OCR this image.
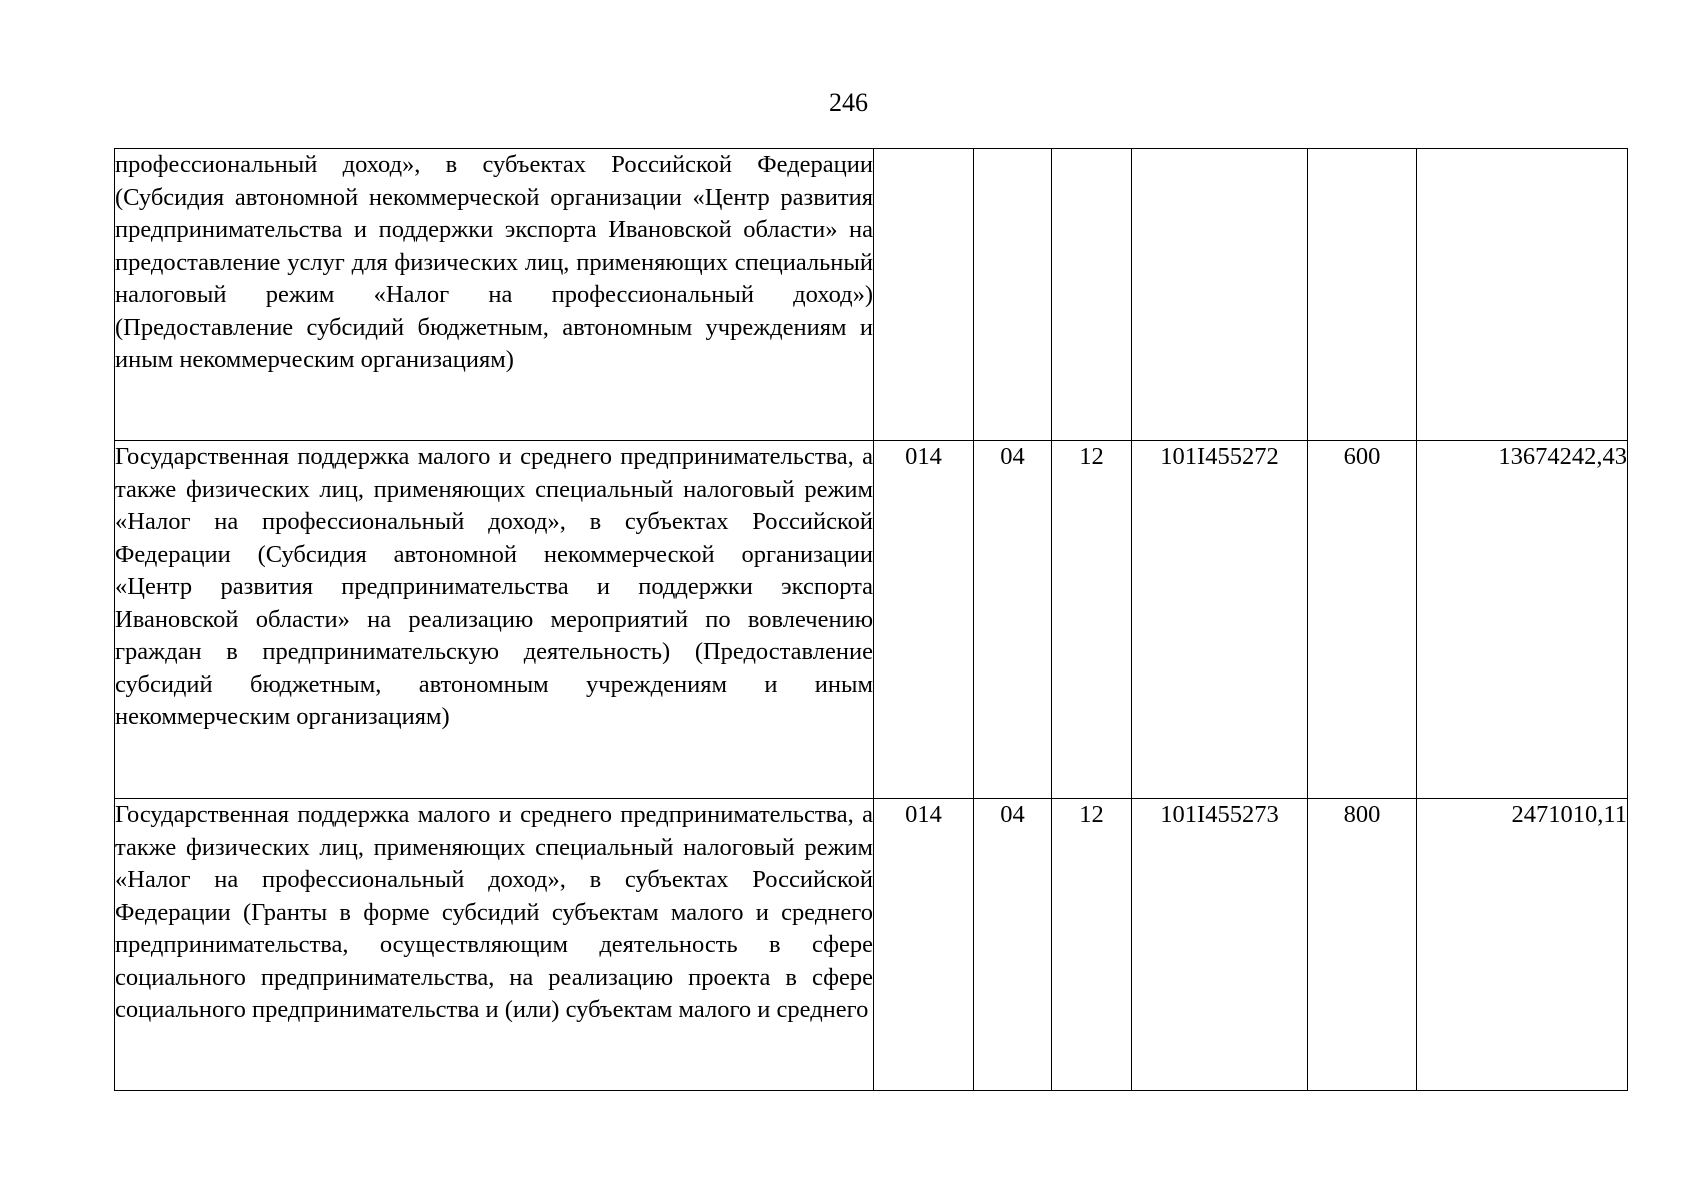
246
профессиональный доход», в субъектах Российской Федерации (Субсидия автономной некоммерческой организации «Центр развития предпринимательства и поддержки экспорта Ивановской области» на предоставление услуг для физических лиц, применяющих специальный налоговый режим «Налог на профессиональный доход») (Предоставление субсидий бюджетным, автономным учреждениям и иным некоммерческим организациям)						
Государственная поддержка малого и среднего предпринимательства, а также физических лиц, применяющих специальный налоговый режим «Налог на профессиональный доход», в субъектах Российской Федерации (Субсидия автономной некоммерческой организации «Центр развития предпринимательства и поддержки экспорта Ивановской области» на реализацию мероприятий по вовлечению граждан в предпринимательскую деятельность) (Предоставление субсидий бюджетным, автономным учреждениям и иным некоммерческим организациям)	014	04	12	101I455272	600	13674242,43
Государственная поддержка малого и среднего предпринимательства, а также физических лиц, применяющих специальный налоговый режим «Налог на профессиональный доход», в субъектах Российской Федерации (Гранты в форме субсидий субъектам малого и среднего предпринимательства, осуществляющим деятельность в сфере социального предпринимательства, на реализацию проекта в сфере социального предпринимательства и (или) субъектам малого и среднего	014	04	12	101I455273	800	2471010,11
